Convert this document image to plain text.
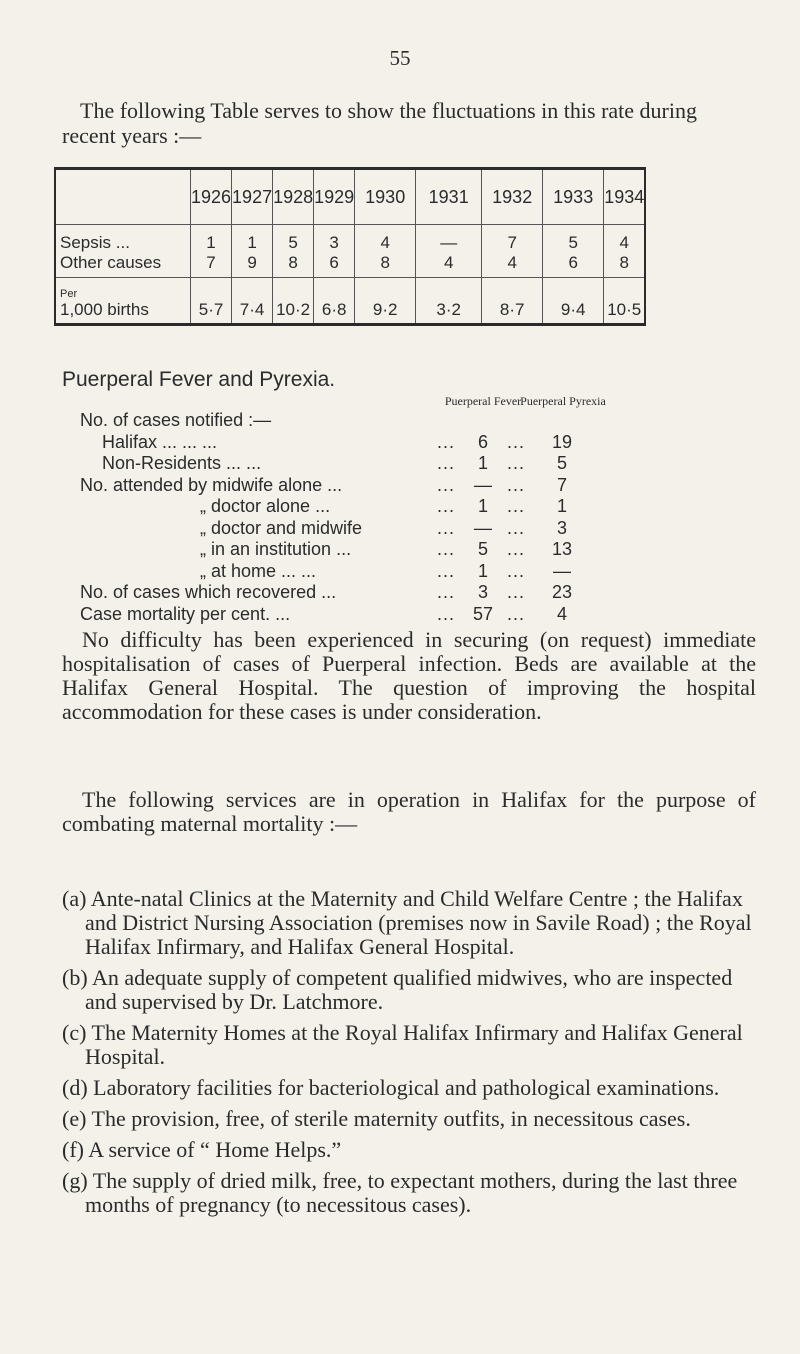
55
The following Table serves to show the fluctuations in this rate during recent years :—
	1926	1927	1928	1929	1930	1931	1932	1933	1934
Sepsis ...	1	1	5	3	4	—	7	5	4
Other causes	7	9	8	6	8	4	4	6	8

Per
1,000 births	5·7	7·4	10·2	6·8	9·2	3·2	8·7	9·4	10·5
Puerperal Fever and Pyrexia.
Puerperal Fever Puerperal Pyrexia
No. of cases notified :—
Halifax ... ... ...	...	6	...	19
Non-Residents ... ...	...	1	...	5
No. attended by midwife alone ...	...	— ...	7
„ doctor alone ...	...	1	...	1
„ doctor and midwife	...	— ...	3
„ in an institution ...	...	5	...	13
„ at home ... ...	...	1	...	—
No. of cases which recovered ...	...	3	...	23
Case mortality per cent. ...	... 57 ...	4
No difficulty has been experienced in securing (on request) immediate hospitalisation of cases of Puerperal infection. Beds are available at the Halifax General Hospital. The question of improving the hospital accommodation for these cases is under consideration.
The following services are in operation in Halifax for the purpose of combating maternal mortality :—
(a) Ante-natal Clinics at the Maternity and Child Welfare Centre ; the Halifax and District Nursing Association (premises now in Savile Road) ; the Royal Halifax Infirmary, and Halifax General Hospital.
(b) An adequate supply of competent qualified midwives, who are inspected and supervised by Dr. Latchmore.
(c) The Maternity Homes at the Royal Halifax Infirmary and Halifax General Hospital.
(d) Laboratory facilities for bacteriological and pathological examinations.
(e) The provision, free, of sterile maternity outfits, in necessitous cases.
(f) A service of “ Home Helps.”
(g) The supply of dried milk, free, to expectant mothers, during the last three months of pregnancy (to necessitous cases).
